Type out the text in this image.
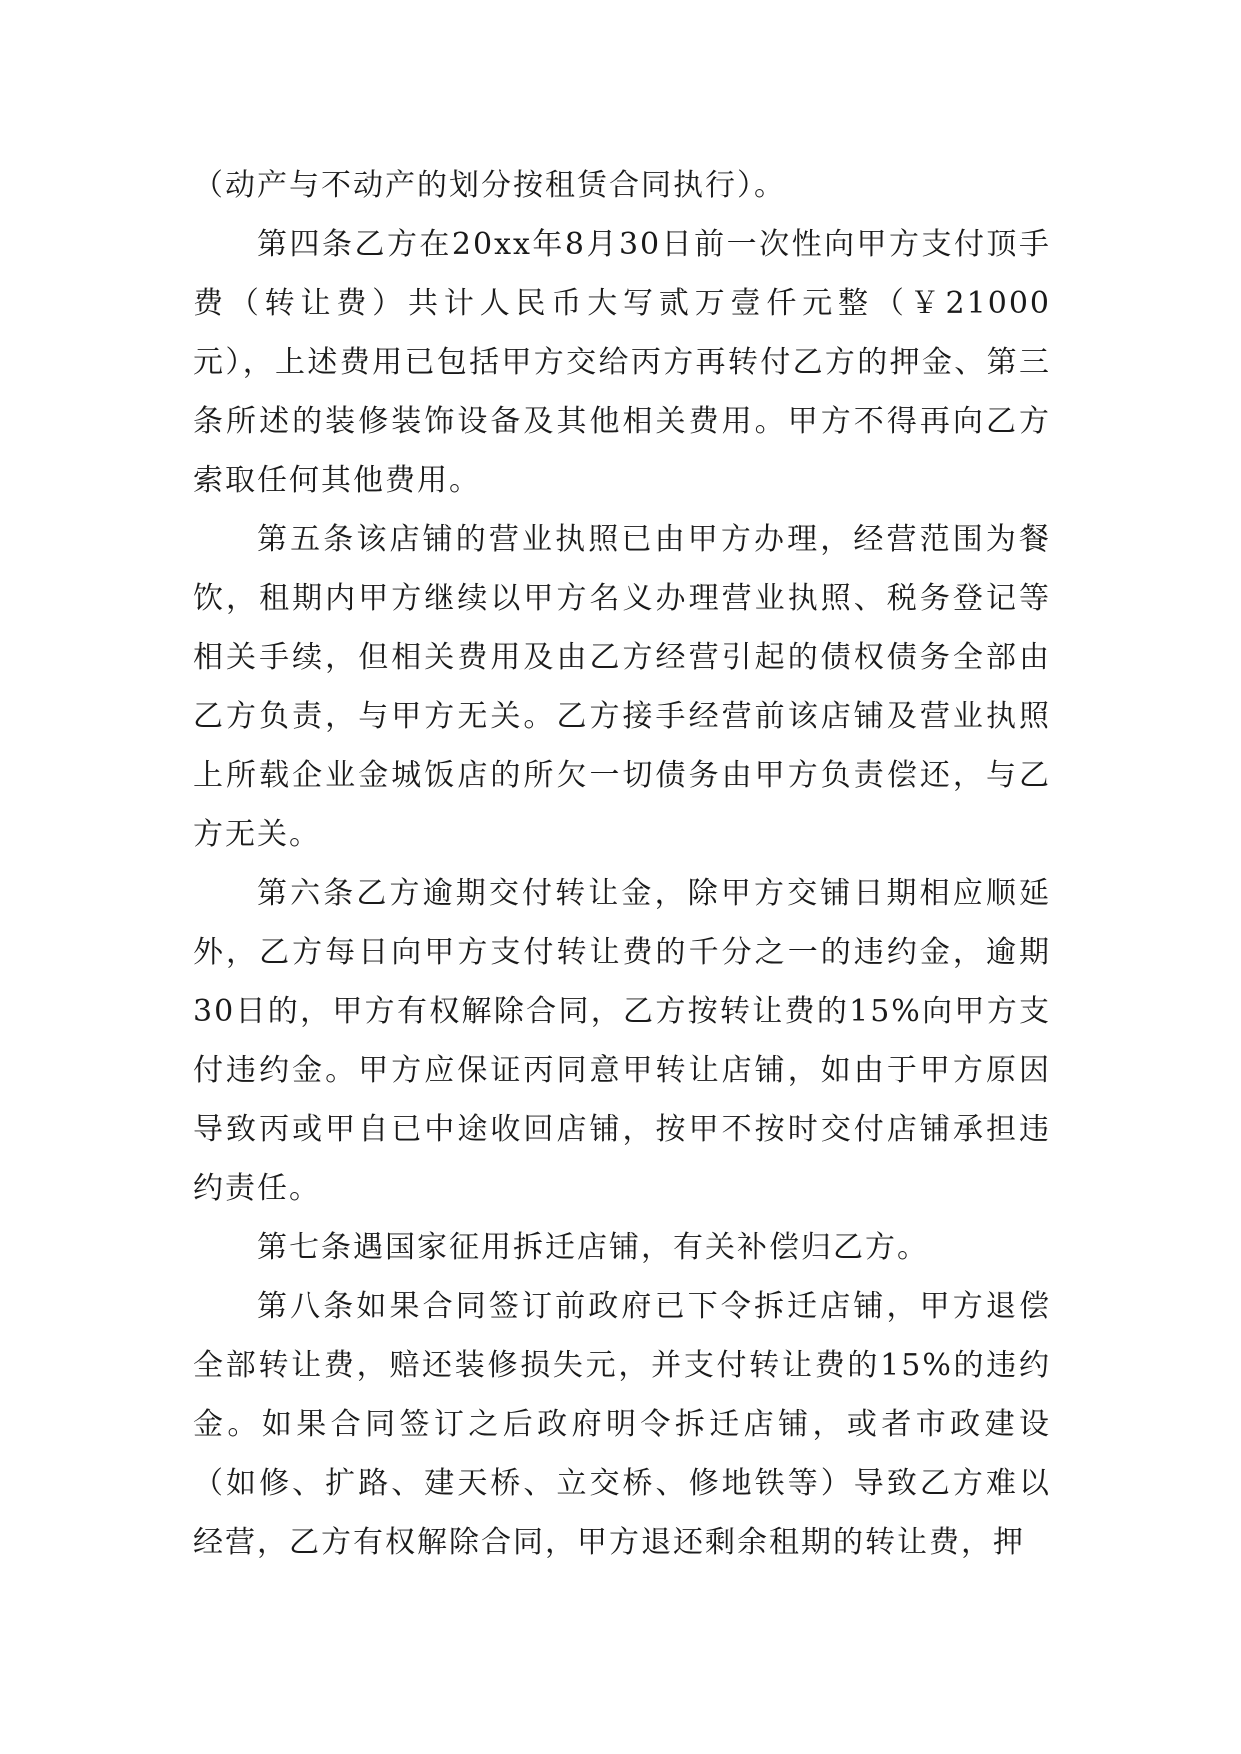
（动产与不动产的划分按租赁合同执行）。

第四条乙方在20xx年8月30日前一次性向甲方支付顶手费（转让费）共计人民币大写贰万壹仟元整（￥21000元），上述费用已包括甲方交给丙方再转付乙方的押金、第三条所述的装修装饰设备及其他相关费用。甲方不得再向乙方索取任何其他费用。

第五条该店铺的营业执照已由甲方办理，经营范围为餐饮，租期内甲方继续以甲方名义办理营业执照、税务登记等相关手续，但相关费用及由乙方经营引起的债权债务全部由乙方负责，与甲方无关。乙方接手经营前该店铺及营业执照上所载企业金城饭店的所欠一切债务由甲方负责偿还，与乙方无关。

第六条乙方逾期交付转让金，除甲方交铺日期相应顺延外，乙方每日向甲方支付转让费的千分之一的违约金，逾期30日的，甲方有权解除合同，乙方按转让费的15%向甲方支付违约金。甲方应保证丙同意甲转让店铺，如由于甲方原因导致丙或甲自已中途收回店铺，按甲不按时交付店铺承担违约责任。

第七条遇国家征用拆迁店铺，有关补偿归乙方。

第八条如果合同签订前政府已下令拆迁店铺，甲方退偿全部转让费，赔还装修损失元，并支付转让费的15%的违约金。如果合同签订之后政府明令拆迁店铺，或者市政建设（如修、扩路、建天桥、立交桥、修地铁等）导致乙方难以经营，乙方有权解除合同，甲方退还剩余租期的转让费，押
